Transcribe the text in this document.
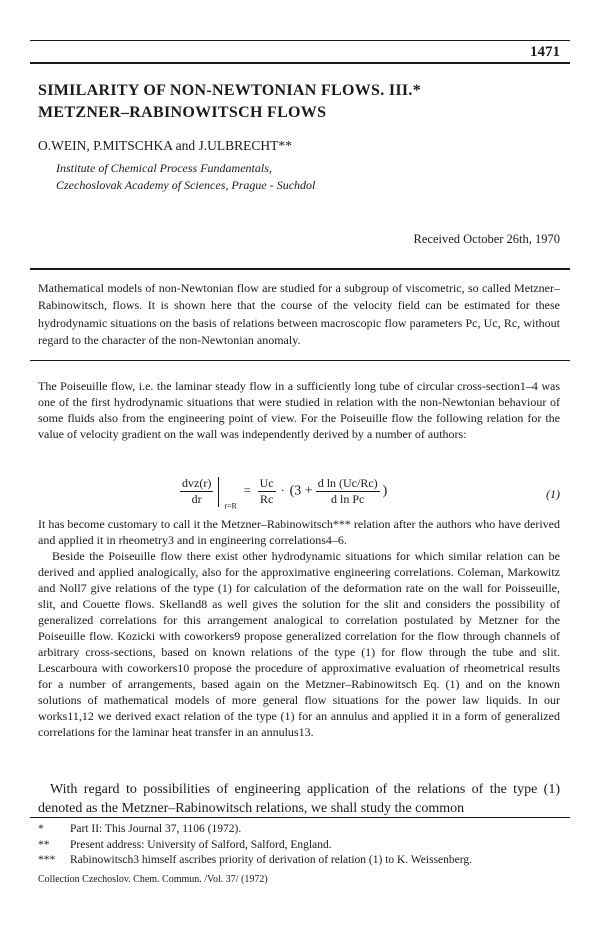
1471
SIMILARITY OF NON-NEWTONIAN FLOWS. III.*
METZNER–RABINOWITSCH FLOWS
O.WEIN, P.MITSCHKA and J.ULBRECHT**
Institute of Chemical Process Fundamentals,
Czechoslovak Academy of Sciences, Prague - Suchdol
Received October 26th, 1970
Mathematical models of non-Newtonian flow are studied for a subgroup of viscometric, so called Metzner–Rabinowitsch, flows. It is shown here that the course of the velocity field can be estimated for these hydrodynamic situations on the basis of relations between macroscopic flow parameters Pc, Uc, Rc, without regard to the character of the non-Newtonian anomaly.

The Poiseuille flow, i.e. the laminar steady flow in a sufficiently long tube of circular cross-section1–4 was one of the first hydrodynamic situations that were studied in relation with the non-Newtonian behaviour of some fluids also from the engineering point of view. For the Poiseuille flow the following relation for the value of velocity gradient on the wall was independently derived by a number of authors:

$\frac{\text{dvz(r)}}{dr} _{r=R} = \frac{Uc}{Rc} \cdot (3 + \frac{\text{d ln (Uc/Rc)}}{\text{d ln Pc}}$ )	(1)

It has become customary to call it the Metzner–Rabinowitsch*** relation after the authors who have derived and applied it in rheometry3 and in engineering correlations4–6.

Beside the Poiseuille flow there exist other hydrodynamic situations for which similar relation can be derived and applied analogically, also for the approximative engineering correlations. Coleman, Markowitz and Noll7 give relations of the type (1) for calculation of the deformation rate on the wall for Poisseuille, slit, and Couette flows. Skelland8 as well gives the solution for the slit and considers the possibility of generalized correlations for this arrangement analogical to correlation postulated by Metzner for the Poiseuille flow. Kozicki with coworkers9 propose generalized correlation for the flow through channels of arbitrary cross-sections, based on known relations of the type (1) for flow through the tube and slit. Lescarboura with coworkers10 propose the procedure of approximative evaluation of rheometrical results for a number of arrangements, based again on the Metzner–Rabinowitsch Eq. (1) and on the known solutions of mathematical models of more general flow situations for the power law liquids. In our works11,12 we derived exact relation of the type (1) for an annulus and applied it in a form of generalized correlations for the laminar heat transfer in an annulus13.

With regard to possibilities of engineering application of the relations of the type (1) denoted as the Metzner–Rabinowitsch relations, we shall study the common

*	Part II: This Journal 37, 1106 (1972).
**	Present address: University of Salford, Salford, England.
***	Rabinowitsch3 himself ascribes priority of derivation of relation (1) to K. Weissenberg.
Collection Czechoslov. Chem. Commun. /Vol. 37/ (1972)
